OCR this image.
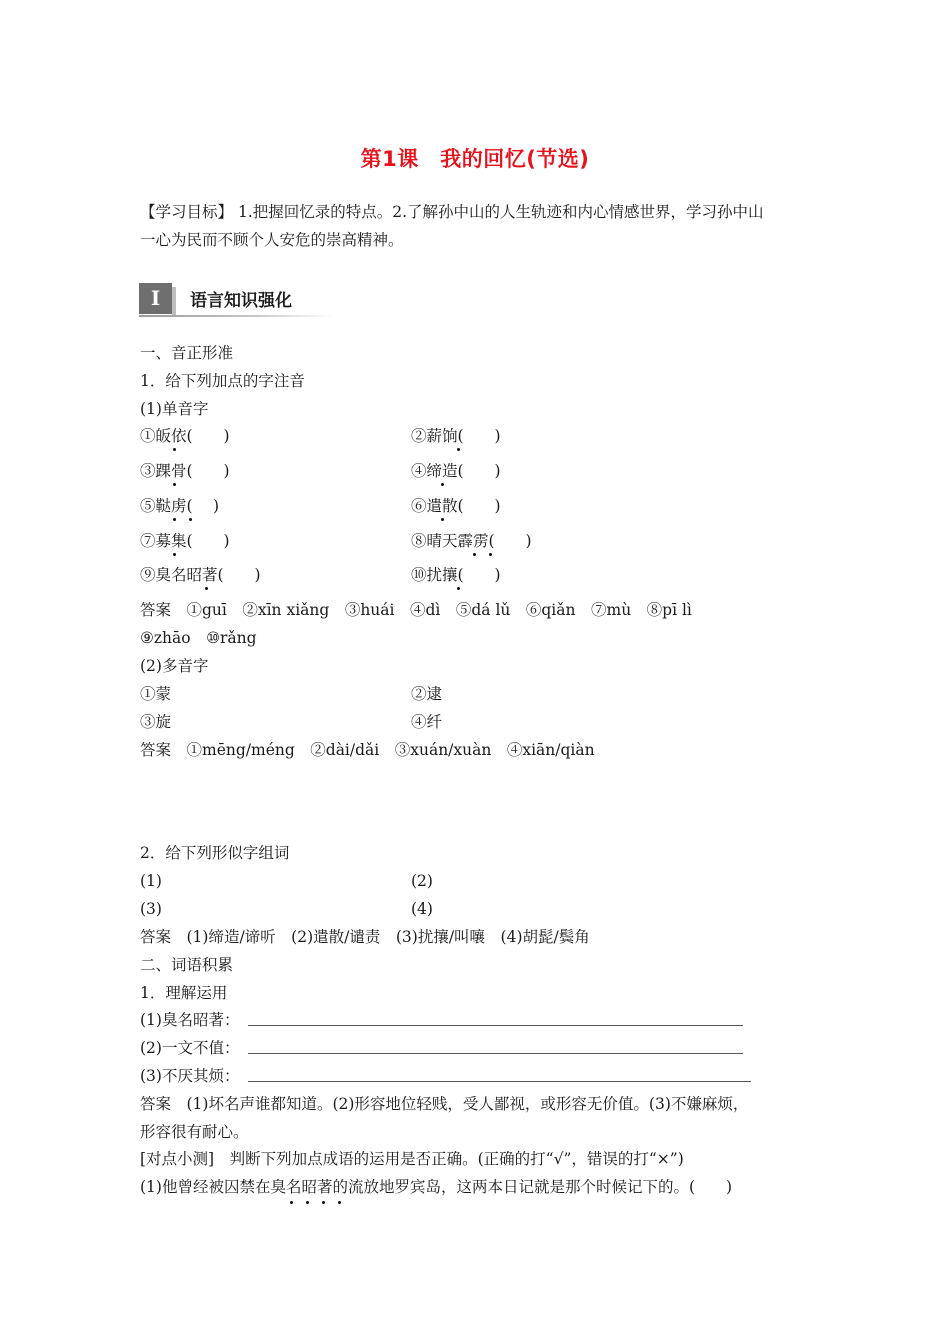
第1课　我的回忆(节选)
【学习目标】 1.把握回忆录的特点。2.了解孙中山的人生轨迹和内心情感世界，学习孙中山
一心为民而不顾个人安危的崇高精神。
I	语言知识强化
一、音正形准
1．给下列加点的字注音
(1)单音字
①皈依(　　)	②薪饷(　　)
③踝骨(　　)	④缔造(　　)
⑤鞑虏(　 )	⑥遣散(　　)
⑦募集(　　)	⑧晴天霹雳(　　)
⑨臭名昭著(　　)	⑩扰攘(　　)
答案　①guī　②xīn xiǎng　③huái　④dì　⑤dá lǔ　⑥qiǎn　⑦mù　⑧pī lì
⑨zhāo　⑩rǎng
(2)多音字
①蒙	②逮
③旋	④纤
答案　①mēng/méng　②dài/dǎi　③xuán/xuàn　④xiān/qiàn
2．给下列形似字组词
(1)	(2)
(3)	(4)
答案　(1)缔造/谛听　(2)遣散/谴责　(3)扰攘/叫嚷　(4)胡髭/鬓角
二、词语积累
1．理解运用
(1)臭名昭著：
(2)一文不值：
(3)不厌其烦：
答案　(1)坏名声谁都知道。(2)形容地位轻贱，受人鄙视，或形容无价值。(3)不嫌麻烦，
形容很有耐心。
[对点小测]　判断下列加点成语的运用是否正确。(正确的打“√”，错误的打“×”)
(1)他曾经被囚禁在臭名昭著的流放地罗宾岛，这两本日记就是那个时候记下的。(　　)
